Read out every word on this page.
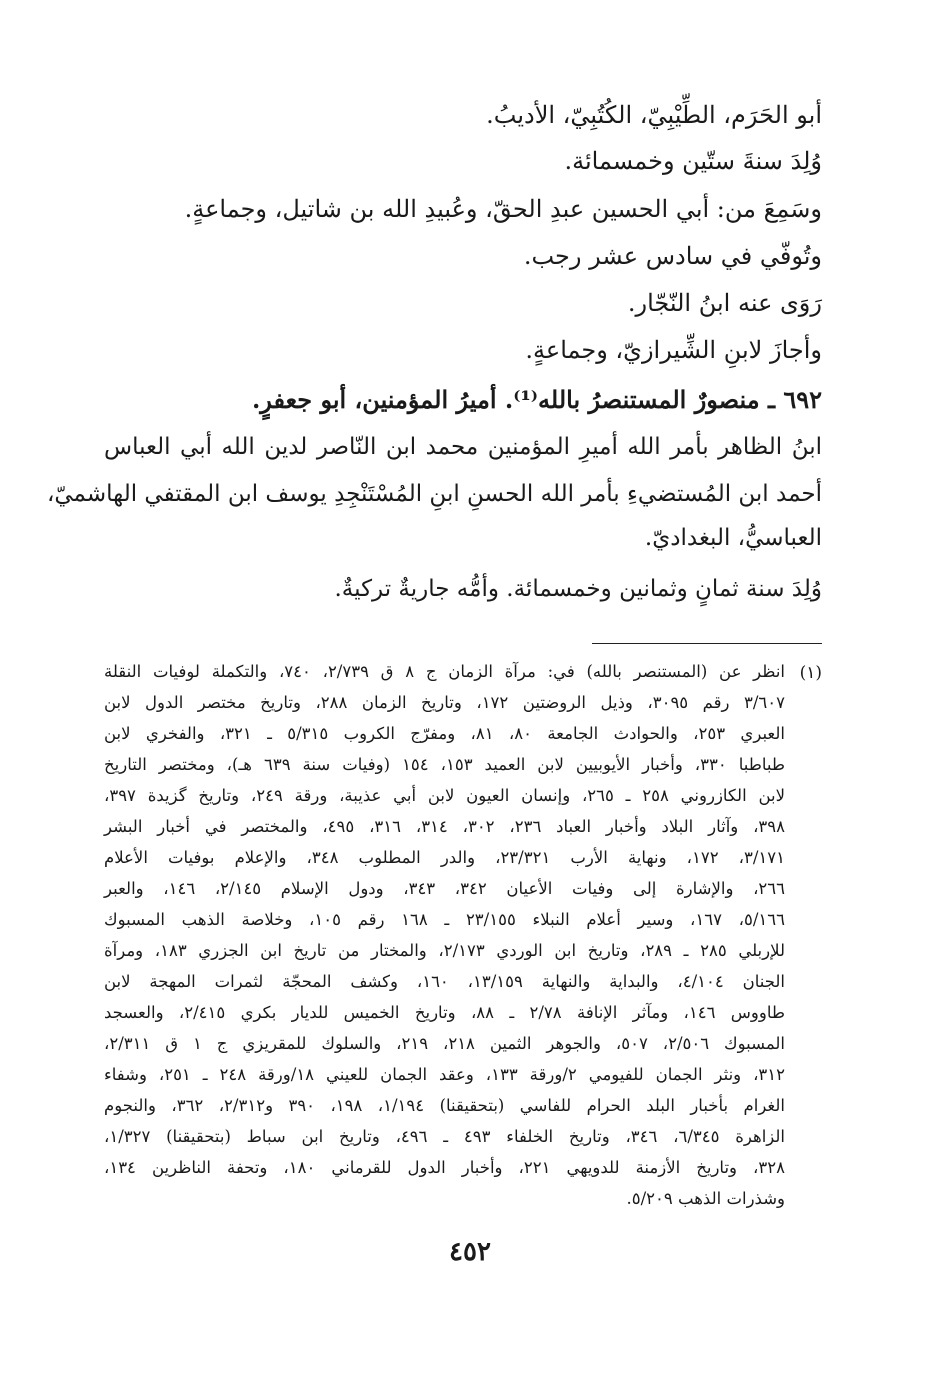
أبو الحَرَم، الطِّيْبِيّ، الكُتُبِيّ، الأديبُ.
وُلِدَ سنةَ ستّين وخمسمائة.
وسَمِعَ من: أبي الحسين عبدِ الحقّ، وعُبيدِ الله بن شاتيل، وجماعةٍ.
وتُوفّي في سادس عشر رجب.
رَوَى عنه ابنُ النّجّار.
وأجازَ لابنِ الشِّيرازيّ، وجماعةٍ.
٦٩٢ ـ منصورٌ المستنصرُ بالله⁽¹⁾. أميرُ المؤمنين، أبو جعفرٍ.
ابنُ الظاهر بأمر الله أميرِ المؤمنين محمد ابن النّاصر لدين الله أبي العباس
أحمد ابن المُستضيءِ بأمر الله الحسنِ ابنِ المُسْتَنْجِدِ يوسف ابن المقتفي الهاشميّ،
العباسيُّ، البغداديّ.
وُلِدَ سنة ثمانٍ وثمانين وخمسمائة. وأمُّه جاريةٌ تركيةٌ.
(١)
انظر عن (المستنصر بالله) في: مرآة الزمان ج ٨ ق ٢/٧٣٩، ٧٤٠، والتكملة لوفيات النقلة
٣/٦٠٧ رقم ٣٠٩٥، وذيل الروضتين ١٧٢، وتاريخ الزمان ٢٨٨، وتاريخ مختصر الدول لابن
العبري ٢٥٣، والحوادث الجامعة ٨٠، ٨١، ومفرّج الكروب ٥/٣١٥ ـ ٣٢١، والفخري لابن
طباطبا ٣٣٠، وأخبار الأيوبيين لابن العميد ١٥٣، ١٥٤ (وفيات سنة ٦٣٩ هـ)، ومختصر التاريخ
لابن الكازروني ٢٥٨ ـ ٢٦٥، وإنسان العيون لابن أبي عذيبة، ورقة ٢٤٩، وتاريخ گزيدة ٣٩٧،
٣٩٨، وآثار البلاد وأخبار العباد ٢٣٦، ٣٠٢، ٣١٤، ٣١٦، ٤٩٥، والمختصر في أخبار البشر
٣/١٧١، ١٧٢، ونهاية الأرب ٢٣/٣٢١، والدر المطلوب ٣٤٨، والإعلام بوفيات الأعلام
٢٦٦، والإشارة إلى وفيات الأعيان ٣٤٢، ٣٤٣، ودول الإسلام ٢/١٤٥، ١٤٦، والعبر
٥/١٦٦، ١٦٧، وسير أعلام النبلاء ٢٣/١٥٥ ـ ١٦٨ رقم ١٠٥، وخلاصة الذهب المسبوك
للإربلي ٢٨٥ ـ ٢٨٩، وتاريخ ابن الوردي ٢/١٧٣، والمختار من تاريخ ابن الجزري ١٨٣، ومرآة
الجنان ٤/١٠٤، والبداية والنهاية ١٣/١٥٩، ١٦٠، وكشف المحجّة لثمرات المهجة لابن
طاووس ١٤٦، ومآثر الإنافة ٢/٧٨ ـ ٨٨، وتاريخ الخميس للديار بكري ٢/٤١٥، والعسجد
المسبوك ٢/٥٠٦، ٥٠٧، والجوهر الثمين ٢١٨، ٢١٩، والسلوك للمقريزي ج ١ ق ٢/٣١١،
٣١٢، ونثر الجمان للفيومي ٢/ورقة ١٣٣، وعقد الجمان للعيني ١٨/ورقة ٢٤٨ ـ ٢٥١، وشفاء
الغرام بأخبار البلد الحرام للفاسي (بتحقيقنا) ١/١٩٤، ١٩٨، ٣٩٠ و٢/٣١٢، ٣٦٢، والنجوم
الزاهرة ٦/٣٤٥، ٣٤٦، وتاريخ الخلفاء ٤٩٣ ـ ٤٩٦، وتاريخ ابن سباط (بتحقيقنا) ١/٣٢٧،
٣٢٨، وتاريخ الأزمنة للدويهي ٢٢١، وأخبار الدول للقرماني ١٨٠، وتحفة الناظرين ١٣٤،
وشذرات الذهب ٥/٢٠٩.
٤٥٢
